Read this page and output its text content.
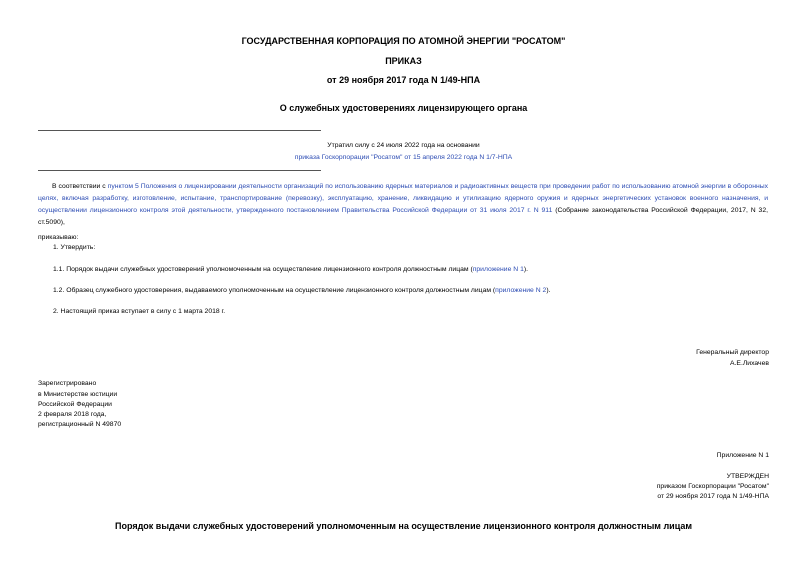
ГОСУДАРСТВЕННАЯ КОРПОРАЦИЯ ПО АТОМНОЙ ЭНЕРГИИ "РОСАТОМ"
ПРИКАЗ
от 29 ноября 2017 года N 1/49-НПА
О служебных удостоверениях лицензирующего органа
Утратил силу с 24 июля 2022 года на основании
приказа Госкорпорации "Росатом" от 15 апреля 2022 года N 1/7-НПА
В соответствии с пунктом 5 Положения о лицензировании деятельности организаций по использованию ядерных материалов и радиоактивных веществ при проведении работ по использованию атомной энергии в оборонных целях, включая разработку, изготовление, испытание, транспортирование (перевозку), эксплуатацию, хранение, ликвидацию и утилизацию ядерного оружия и ядерных энергетических установок военного назначения, и осуществлении лицензионного контроля этой деятельности, утвержденного постановлением Правительства Российской Федерации от 31 июля 2017 г. N 911 (Собрание законодательства Российской Федерации, 2017, N 32, ст.5090),
приказываю:
1. Утвердить:
1.1. Порядок выдачи служебных удостоверений уполномоченным на осуществление лицензионного контроля должностным лицам (приложение N 1).
1.2. Образец служебного удостоверения, выдаваемого уполномоченным на осуществление лицензионного контроля должностным лицам (приложение N 2).
2. Настоящий приказ вступает в силу с 1 марта 2018 г.
Генеральный директор
А.Е.Лихачев
Зарегистрировано
в Министерстве юстиции
Российской Федерации
2 февраля 2018 года,
регистрационный N 49870
Приложение N 1
УТВЕРЖДЕН
приказом Госкорпорации "Росатом"
от 29 ноября 2017 года N 1/49-НПА
Порядок выдачи служебных удостоверений уполномоченным на осуществление лицензионного контроля должностным лицам
